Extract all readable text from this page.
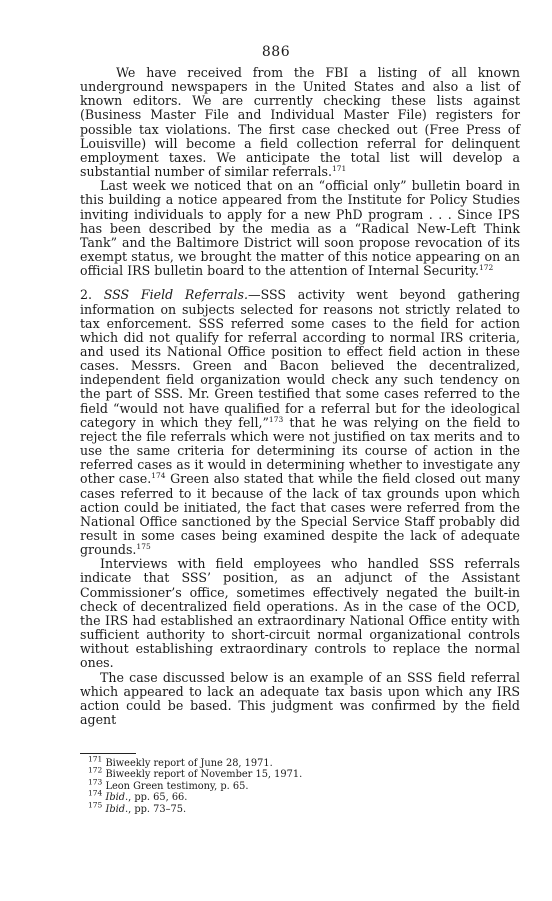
886

We have received from the FBI a listing of all known underground newspapers in the United States and also a list of known editors. We are currently checking these lists against (Business Master File and Individual Master File) registers for possible tax violations. The first case checked out (Free Press of Louisville) will become a field collection referral for delinquent employment taxes. We anticipate the total list will develop a substantial number of similar referrals.$^{171}$

Last week we noticed that on an “official only” bulletin board in this building a notice appeared from the Institute for Policy Studies inviting individuals to apply for a new PhD program . . . Since IPS has been described by the media as a “Radical New-Left Think Tank” and the Baltimore District will soon propose revocation of its exempt status, we brought the matter of this notice appearing on an official IRS bulletin board to the attention of Internal Security.$^{172}$

2. SSS Field Referrals.—SSS activity went beyond gathering information on subjects selected for reasons not strictly related to tax enforcement. SSS referred some cases to the field for action which did not qualify for referral according to normal IRS criteria, and used its National Office position to effect field action in these cases. Messrs. Green and Bacon believed the decentralized, independent field organization would check any such tendency on the part of SSS. Mr. Green testified that some cases referred to the field “would not have qualified for a referral but for the ideological category in which they fell,”$^{173}$ that he was relying on the field to reject the file referrals which were not justified on tax merits and to use the same criteria for determining its course of action in the referred cases as it would in determining whether to investigate any other case.$^{174}$ Green also stated that while the field closed out many cases referred to it because of the lack of tax grounds upon which action could be initiated, the fact that cases were referred from the National Office sanctioned by the Special Service Staff probably did result in some cases being examined despite the lack of adequate grounds.$^{175}$

Interviews with field employees who handled SSS referrals indicate that SSS’ position, as an adjunct of the Assistant Commissioner’s office, sometimes effectively negated the built-in check of decentralized field operations. As in the case of the OCD, the IRS had established an extraordinary National Office entity with sufficient authority to short-circuit normal organizational controls without establishing extraordinary controls to replace the normal ones.

The case discussed below is an example of an SSS field referral which appeared to lack an adequate tax basis upon which any IRS action could be based. This judgment was confirmed by the field agent

$^{171}$ Biweekly report of June 28, 1971.
$^{172}$ Biweekly report of November 15, 1971.
$^{173}$ Leon Green testimony, p. 65.
$^{174}$ Ibid., pp. 65, 66.
$^{175}$ Ibid., pp. 73–75.
